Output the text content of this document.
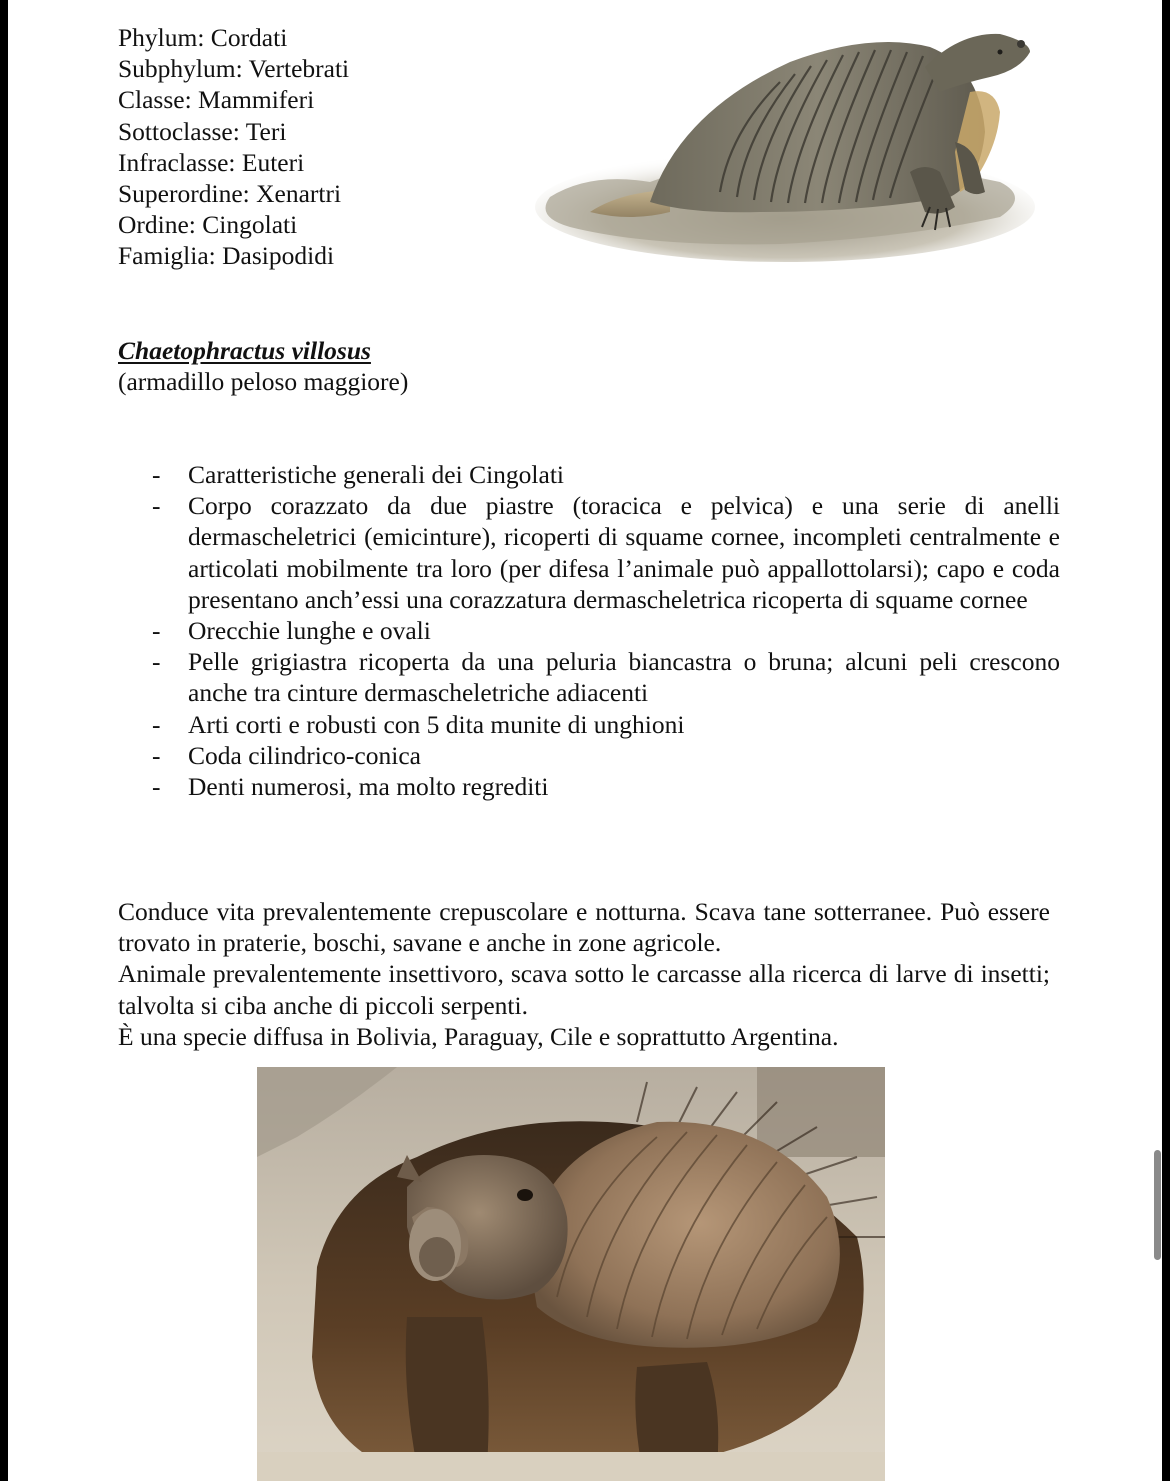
Phylum: Cordati
Subphylum: Vertebrati
Classe: Mammiferi
Sottoclasse: Teri
Infraclasse: Euteri
Superordine: Xenartri
Ordine: Cingolati
Famiglia: Dasipodidi
Chaetophractus villosus
(armadillo peloso maggiore)
- Caratteristiche generali dei Cingolati
- Corpo corazzato da due piastre (toracica e pelvica) e una serie di anelli dermascheletrici (emicinture), ricoperti di squame cornee, incompleti centralmente e articolati mobilmente tra loro (per difesa l’animale può appallottolarsi); capo e coda presentano anch’essi una corazzatura dermascheletrica ricoperta di squame cornee
- Orecchie lunghe e ovali
- Pelle grigiastra ricoperta da una peluria biancastra o bruna; alcuni peli crescono anche tra cinture dermascheletriche adiacenti
- Arti corti e robusti con 5 dita munite di unghioni
- Coda cilindrico-conica
- Denti numerosi, ma molto regrediti

Conduce vita prevalentemente crepuscolare e notturna. Scava tane sotterranee. Può essere trovato in praterie, boschi, savane e anche in zone agricole.

Animale prevalentemente insettivoro, scava sotto le carcasse alla ricerca di larve di insetti; talvolta si ciba anche di piccoli serpenti.

È una specie diffusa in Bolivia, Paraguay, Cile e soprattutto Argentina.
